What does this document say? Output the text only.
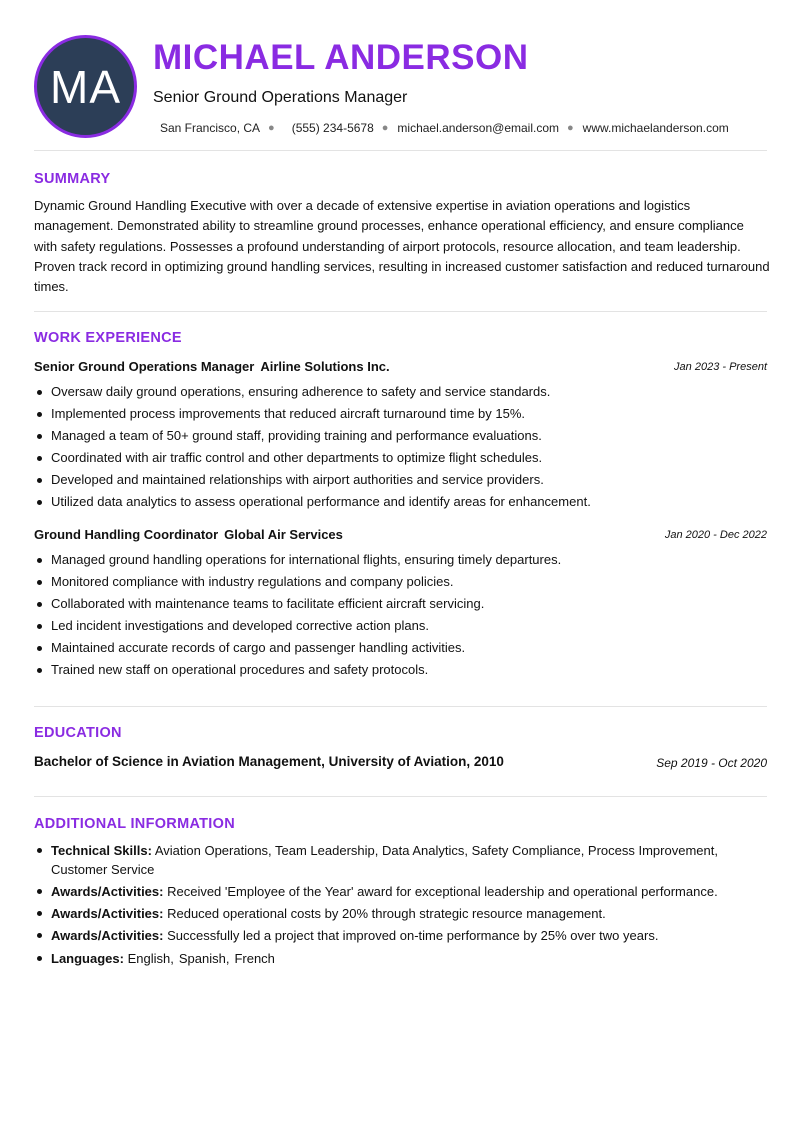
MA
MICHAEL ANDERSON
Senior Ground Operations Manager
San Francisco, CA ● (555) 234-5678 ● michael.anderson@email.com ● www.michaelanderson.com
SUMMARY
Dynamic Ground Handling Executive with over a decade of extensive expertise in aviation operations and logistics management. Demonstrated ability to streamline ground processes, enhance operational efficiency, and ensure compliance with safety regulations. Possesses a profound understanding of airport protocols, resource allocation, and team leadership. Proven track record in optimizing ground handling services, resulting in increased customer satisfaction and reduced turnaround times.
WORK EXPERIENCE
Senior Ground Operations Manager Airline Solutions Inc.	Jan 2023 - Present
Oversaw daily ground operations, ensuring adherence to safety and service standards.
Implemented process improvements that reduced aircraft turnaround time by 15%.
Managed a team of 50+ ground staff, providing training and performance evaluations.
Coordinated with air traffic control and other departments to optimize flight schedules.
Developed and maintained relationships with airport authorities and service providers.
Utilized data analytics to assess operational performance and identify areas for enhancement.
Ground Handling Coordinator Global Air Services	Jan 2020 - Dec 2022
Managed ground handling operations for international flights, ensuring timely departures.
Monitored compliance with industry regulations and company policies.
Collaborated with maintenance teams to facilitate efficient aircraft servicing.
Led incident investigations and developed corrective action plans.
Maintained accurate records of cargo and passenger handling activities.
Trained new staff on operational procedures and safety protocols.
EDUCATION
Bachelor of Science in Aviation Management, University of Aviation, 2010	Sep 2019 - Oct 2020
ADDITIONAL INFORMATION
Technical Skills: Aviation Operations, Team Leadership, Data Analytics, Safety Compliance, Process Improvement, Customer Service
Awards/Activities: Received 'Employee of the Year' award for exceptional leadership and operational performance.
Awards/Activities: Reduced operational costs by 20% through strategic resource management.
Awards/Activities: Successfully led a project that improved on-time performance by 25% over two years.
Languages: English, Spanish, French
